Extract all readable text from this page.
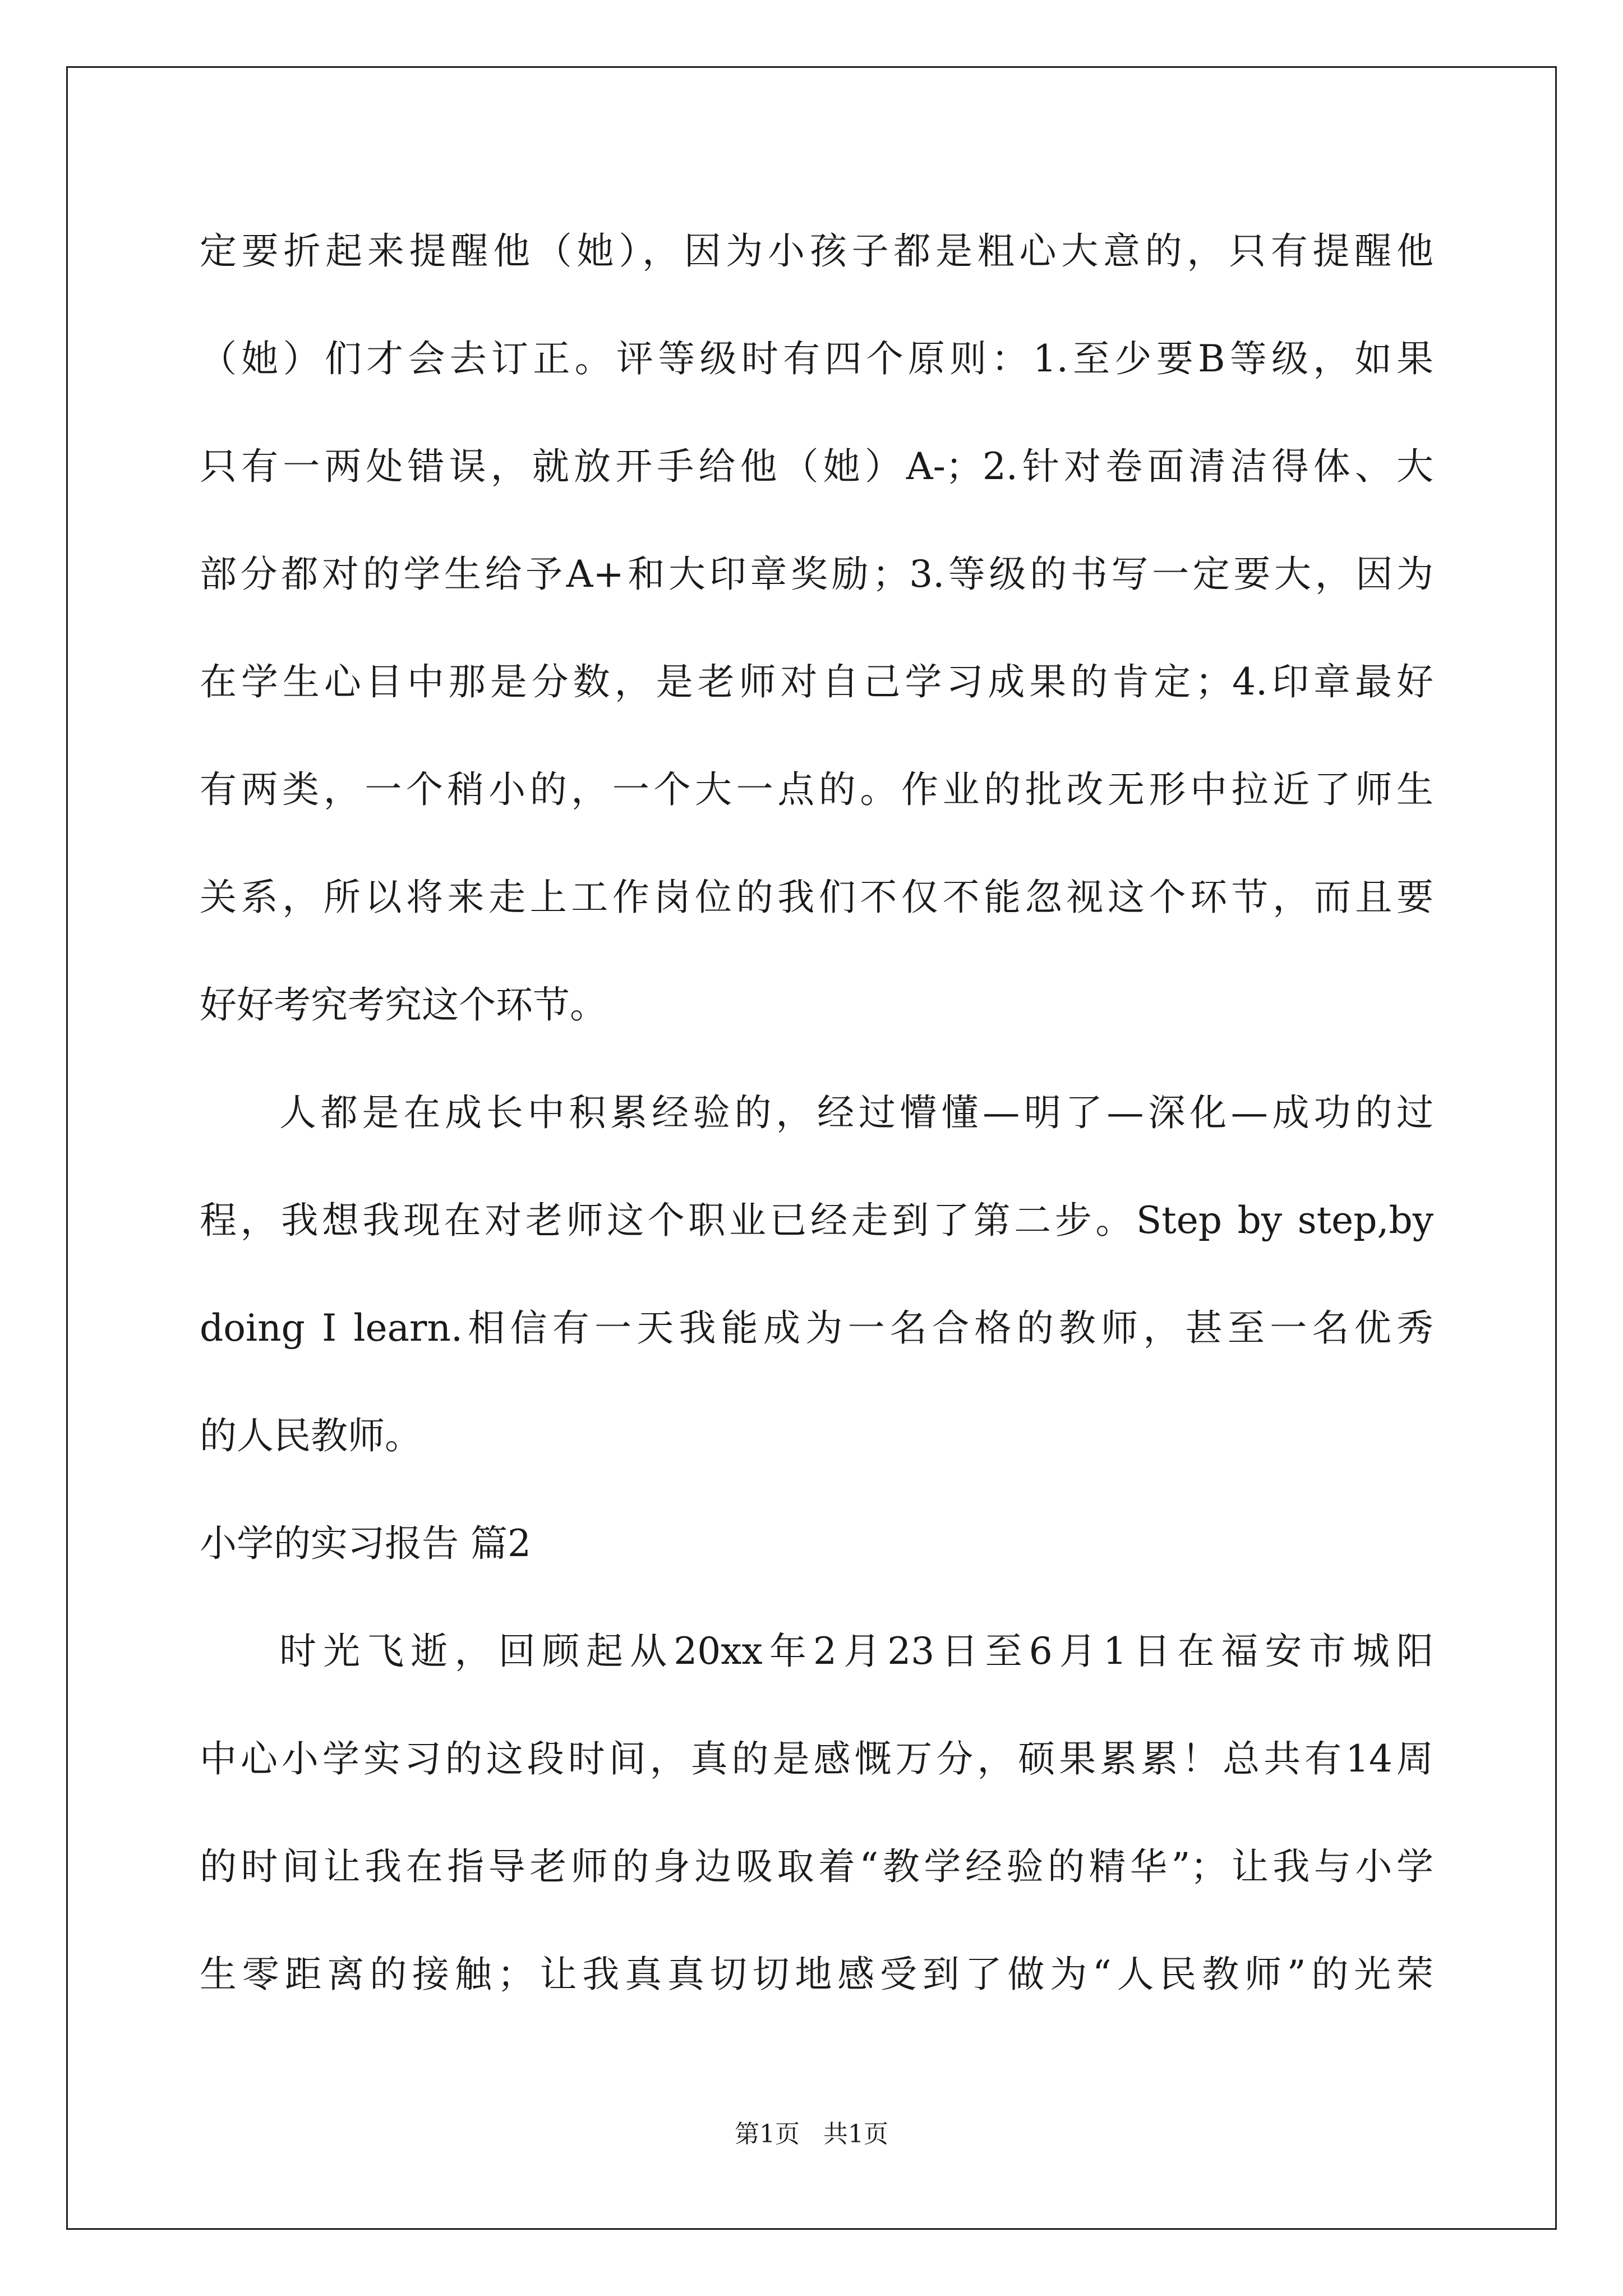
定要折起来提醒他（她），因为小孩子都是粗心大意的，只有提醒他
（她）们才会去订正。评等级时有四个原则：1.至少要B等级，如果
只有一两处错误，就放开手给他（她）A-；2.针对卷面清洁得体、大
部分都对的学生给予A+和大印章奖励；3.等级的书写一定要大，因为
在学生心目中那是分数，是老师对自己学习成果的肯定；4.印章最好
有两类，一个稍小的，一个大一点的。作业的批改无形中拉近了师生
关系，所以将来走上工作岗位的我们不仅不能忽视这个环节，而且要
好好考究考究这个环节。
人都是在成长中积累经验的，经过懵懂—明了—深化—成功的过
程，我想我现在对老师这个职业已经走到了第二步。Step by step,by
doing I learn.相信有一天我能成为一名合格的教师，甚至一名优秀
的人民教师。
小学的实习报告 篇2
时光飞逝，回顾起从20xx年2月23日至6月1日在福安市城阳
中心小学实习的这段时间，真的是感慨万分，硕果累累！总共有14周
的时间让我在指导老师的身边吸取着“教学经验的精华”；让我与小学
生零距离的接触；让我真真切切地感受到了做为“人民教师”的光荣
第1页 共1页
